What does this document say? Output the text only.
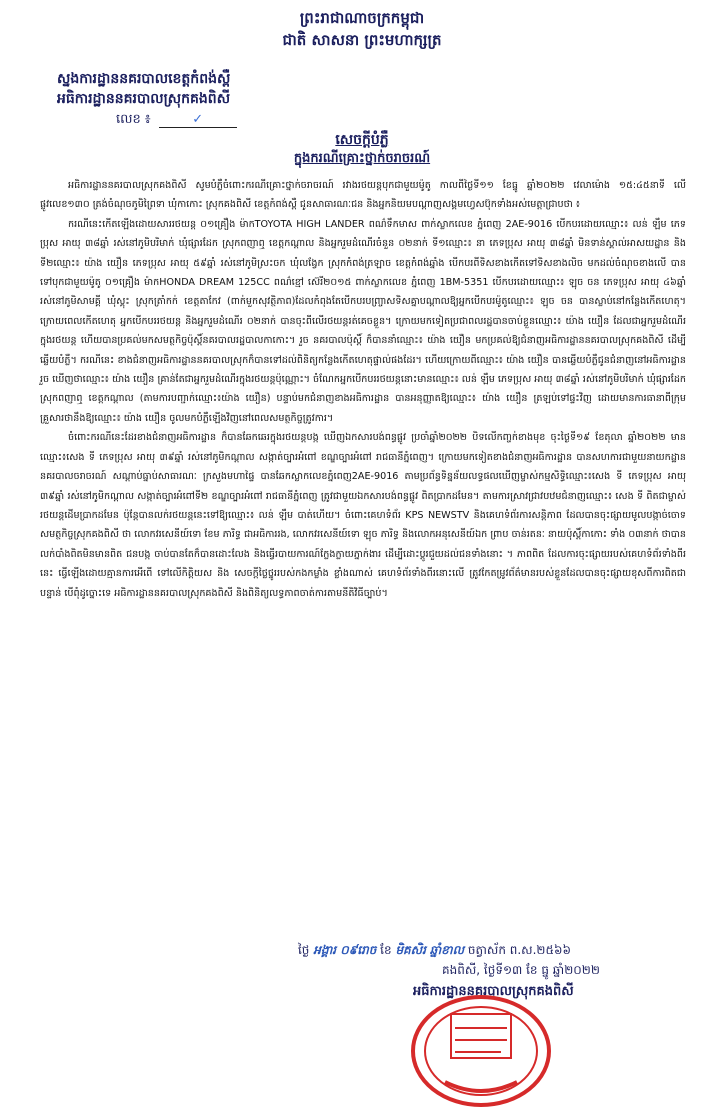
ព្រះរាជាណាចក្រកម្ពុជា
ជាតិ សាសនា ព្រះមហាក្សត្រ
ស្នងការដ្ឋាននគរបាលខេត្តកំពង់ស្ពឺ
អធិការដ្ឋាននគរបាលស្រុកគងពិសី
លេខ ៖	✓
សេចក្តីបំភ្លឺ
ក្នុងករណីគ្រោះថ្នាក់ចរាចរណ៍

អធិការដ្ឋាននគរបាលស្រុកគងពិសី សូមបំភ្លឺចំពោះករណីគ្រោះថ្នាក់ចរាចរណ៍ រវាងរថយន្តបុកជាមួយម៉ូតូ កាលពីថ្ងៃទី១១ ខែធ្នូ ឆ្នាំ២០២២ វេលាម៉ោង ១៥:៤៥នាទី លើផ្លូវលេខ១៣០ ត្រង់ចំណុចភូមិព្រៃទា ឃុំកាកោះ ស្រុកគងពិសី ខេត្តកំពង់ស្ពឺ ជូនសាធារណៈជន និងអ្នកនិយមបណ្ដាញសង្គមហ្វេសប៊ុកទាំងអស់មេត្តាជ្រាបថា ៖

ករណីនេះកើតឡើងដោយសាររថយន្ត ០១គ្រឿង ម៉ាកTOYOTA HIGH LANDER ពណ៌ទឹកមាស ពាក់ស្លាកលេខ ភ្នំពេញ 2AE-9016 បើកបរដោយឈ្មោះ៖ លន់ ឡឹម ភេទប្រុស អាយុ ៣៨ឆ្នាំ រស់នៅភូមិបរិមាក់ ឃុំផ្សារដែក ស្រុកពញាឮ ខេត្តកណ្ដាល និងអ្នករួមដំណើរចំនួន ០២នាក់ ទី១ឈ្មោះ៖ នា ភេទប្រុស អាយុ ៣៨ឆ្នាំ មិនទាន់ស្គាល់អាសយដ្ឋាន និង ទី២ឈ្មោះ៖ យ៉ាង យឿន ភេទប្រុស អាយុ ៥៩ឆ្នាំ រស់នៅភូមិស្រះចក ឃុំលង្វែក ស្រុកកំពង់ត្រឡាច ខេត្តកំពង់ឆ្នាំង បើកបរពីទិសខាងកើតទៅទិសខាងលិច មកដល់ចំណុចខាងលើ បានទៅបុកជាមួយម៉ូតូ ០១គ្រឿង ម៉ាកHONDA DREAM 125CC ពណ៌ខ្មៅ ស៊េរី២០១៥ ពាក់ស្លាកលេខ ភ្នំពេញ 1BM-5351 បើកបរដោយឈ្មោះ៖ ឡុច ចន ភេទប្រុស អាយុ ៤៦ឆ្នាំ រស់នៅភូមិសាមគ្គី ឃុំស្គុះ ស្រុកត្រាំកក់ ខេត្តតាកែវ (ពាក់មួកសុវត្ថិភាព)ដែលកំពុងតែបើកបរបញ្ច្រាសទិសគ្នាបណ្ដាលឱ្យអ្នកបើកបរម៉ូតូឈ្មោះ៖ ឡុច ចន បានស្លាប់នៅកន្លែងកើតហេតុ។ ក្រោយពេលកើតហេតុ អ្នកបើកបររថយន្ត និងអ្នករួមដំណើរ ០២នាក់ បានចុះពីលើរថយន្តរត់គេចខ្លួន។ ក្រោយមកទៀតប្រជាពលរដ្ឋបានចាប់ខ្លួនឈ្មោះ៖ យ៉ាង យឿន ដែលជាអ្នករួមដំណើរក្នុងរថយន្ត ហើយបានប្រគល់មកសមត្ថកិច្ចប៉ុស្តិ៍នគរបាលរដ្ឋបាលកាកោះ។ រួច នគរបាលប៉ុស្តិ៍ ក៏បាននាំឈ្មោះ៖ យ៉ាង យឿន មកប្រគល់ឱ្យជំនាញអធិការដ្ឋាននគរបាលស្រុកគងពិសី ដើម្បីឆ្លើយបំភ្លឺ។ ករណីនេះ ខាងជំនាញអធិការដ្ឋាននគរបាលស្រុកក៏បានទៅដល់ពិនិត្យកន្លែងកើតហេតុផ្ទាល់ផងដែរ។ ហើយក្រោយពីឈ្មោះ៖ យ៉ាង យឿន បានឆ្លើយបំភ្លឺជូនជំនាញនៅអធិការដ្ឋានរួច ឃើញថាឈ្មោះ៖ យ៉ាង យឿន គ្រាន់តែជាអ្នករួមដំណើរក្នុងរថយន្តប៉ុណ្ណោះ។ ចំណែកអ្នកបើកបររថយន្តនោះមានឈ្មោះ៖ លន់ ឡឹម ភេទប្រុស អាយុ ៣៨ឆ្នាំ រស់នៅភូមិបរិមាក់ ឃុំផ្សារដែក ស្រុកពញាឮ ខេត្តកណ្ដាល (តាមការបញ្ជាក់ឈ្មោះ៖យ៉ាង យឿន) បន្ទាប់មកជំនាញខាងអធិការដ្ឋាន បានអនុញ្ញាតឱ្យឈ្មោះ៖ យ៉ាង យឿន ត្រឡប់ទៅផ្ទះវិញ ដោយមានការធានាពីក្រុមគ្រួសារថានឹងឱ្យឈ្មោះ៖ យ៉ាង យឿន ចូលមកបំភ្លឺឡើងវិញនៅពេលសមត្ថកិច្ចត្រូវការ។

ចំពោះករណីនេះដែរខាងជំនាញអធិការដ្ឋាន ក៏បានឆែកឆេរក្នុងរថយន្តបង្ក ឃើញឯកសារបង់ពន្ធផ្លូវ ប្រចាំឆ្នាំ២០២២ បិទលើកញ្ចក់ខាងមុខ ចុះថ្ងៃទី១៩ ខែតុលា ឆ្នាំ២០២២ មានឈ្មោះ៖សេង ទី ភេទប្រុស អាយុ ៣៩ឆ្នាំ រស់នៅភូមិកណ្ដាល សង្កាត់ច្បារអំពៅ ខណ្ឌច្បារអំពៅ រាជធានីភ្នំពេញ។ ក្រោយមកទៀតខាងជំនាញអធិការដ្ឋាន បានសហការជាមួយនាយកដ្ឋាននគរបាលចរាចរណ៍ សណ្ដាប់ធ្នាប់សាធារណៈ ក្រសួងមហាផ្ទៃ បានឆែកស្លាកលេខភ្នំពេញ2AE-9016 តាមប្រព័ន្ធទិន្នន័យលទ្ធផលឃើញម្ចាស់កម្មសិទ្ធិឈ្មោះ៖សេង ទី ភេទប្រុស អាយុ ៣៩ឆ្នាំ រស់នៅភូមិកណ្ដាល សង្កាត់ច្បារអំពៅទី២ ខណ្ឌច្បារអំពៅ រាជធានីភ្នំពេញ ត្រូវជាមួយឯកសារបង់ពន្ធផ្លូវ ពិតប្រាកដមែន។ តាមការស្រាវជ្រាវបឋមជំនាញឈ្មោះ៖ សេង ទី ពិតជាម្ចាស់រថយន្តដើមប្រាកដមែន ប៉ុន្តែបានលក់រថយន្តនេះទៅឱ្យឈ្មោះ៖ លន់ ឡឹម បាត់ហើយ។ ចំពោះគេហទំព័រ KPS NEWSTV និងគេហទំព័រការសន្តិភាព ដែលបានចុះផ្សាយមូលបង្កាច់ចោទសមត្ថកិច្ចស្រុកគងពិសី ថា លោកវរសេនីយ៍ទោ ខែម ភារិទ្ធ ជាអធិការរង, លោកវរសេនីយ៍ទោ ឡុច ភារិទ្ធ និងលោកអនុសេនីយ៍ឯក ព្រាប ចាន់រតនៈ នាយប៉ុស្តិ៍កាកោះ ទាំង ០៣នាក់ ថាបានលក់បាំងពិតមិនមានពិត ជនបង្ក ចាប់បានតែក៏បានដោះលែង និងធ្វើរបាយការណ៍ក្លែងក្លាយភ្នាក់ងារ ដើម្បីដោះប្តូរជួយដល់ជនទាំងនោះ ។ ភាពពិត ដែលការចុះផ្សាយរបស់គេហទំព័រទាំងពីរនេះ ធ្វើឡើងដោយគ្មានការអើពើ ទៅលើកិត្តិយស និង សេចក្តីថ្លៃថ្នូររបស់កងកម្លាំង ខ្លាំងណាស់ គេហទំព័រទាំងពីរនោះលើ ត្រូវកែតម្រូវព័ត៌មានរបស់ខ្លួនដែលបានចុះផ្សាយខុសពីការពិតជាបន្ទាន់ បើពុំដូច្នោះទេ អធិការដ្ឋាននគរបាលស្រុកគងពិសី និងពិនិត្យលទ្ធភាពចាត់ការតាមនីតិវិធីច្បាប់។

ថ្ងៃ អង្គារ ០៩រោច ខែ មិគសិរ ឆ្នាំខាល ចត្វាស័ក ព.ស.២៥៦៦
គងពិសី, ថ្ងៃទី១៣ ខែ ធ្នូ ឆ្នាំ២០២២
អធិការដ្ឋាននគរបាលស្រុកគងពិសី
